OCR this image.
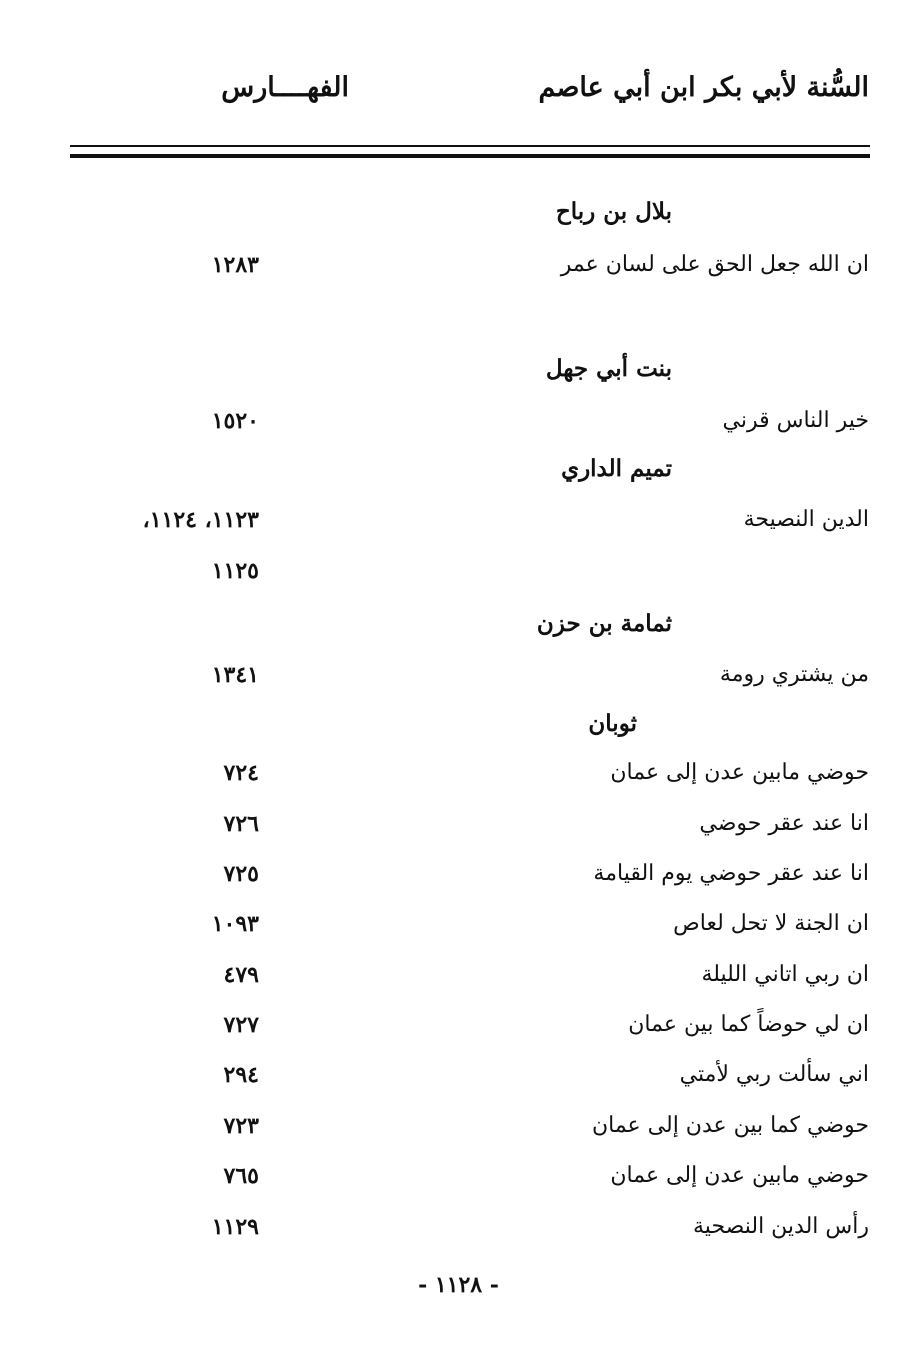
السُّنة لأبي بكر ابن أبي عاصم
الفهــــارس
بلال بن رباح
ان الله جعل الحق على لسان عمر
١٢٨٣
بنت أبي جهل
خير الناس قرني
١٥٢٠
تميم الداري
الدين النصيحة
١١٢٣، ١١٢٤،
١١٢٥
ثمامة بن حزن
من يشتري رومة
١٣٤١
ثوبان
حوضي مابين عدن إلى عمان
٧٢٤
انا عند عقر حوضي
٧٢٦
انا عند عقر حوضي يوم القيامة
٧٢٥
ان الجنة لا تحل لعاص
١٠٩٣
ان ربي اتاني الليلة
٤٧٩
ان لي حوضاً كما بين عمان
٧٢٧
اني سألت ربي لأمتي
٢٩٤
حوضي كما بين عدن إلى عمان
٧٢٣
حوضي مابين عدن إلى عمان
٧٦٥
رأس الدين النصحية
١١٢٩
- ١١٢٨ -
